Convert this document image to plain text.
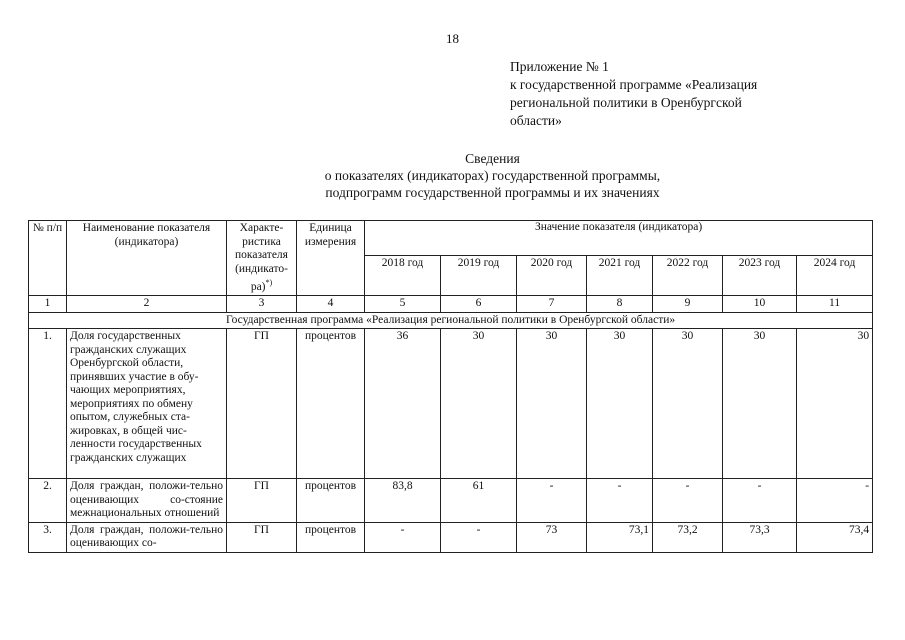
18
Приложение № 1
к государственной программе «Реализация
региональной политики в Оренбургской
области»
Сведения
о показателях (индикаторах) государственной программы,
подпрограмм государственной программы и их значениях
№ п/п	Наименование показателя (индикатора)	Характе-
ристика
показателя
(индикато-
ра)*)	Единица измерения	Значение показателя (индикатора)						
				2018 год	2019 год	2020 год	2021 год	2022 год	2023 год	2024 год
1	2	3	4	5	6	7	8	9	10	11
Государственная программа «Реализация региональной политики в Оренбургской области»										
1.	Доля государственных гражданских служащих Оренбургской области, принявших участие в обу-чающих мероприятиях, мероприятиях по обмену опытом, служебных ста-жировках, в общей чис-ленности государственных гражданских служащих	ГП	процентов	36	30	30	30	30	30	30
2.	Доля граждан, положи-тельно оценивающих со-стояние межнациональных отношений	ГП	процентов	83,8	61	-	-	-	-	-
3.	Доля граждан, положи-тельно оценивающих со-	ГП	процентов	-	-	73	73,1	73,2	73,3	73,4
